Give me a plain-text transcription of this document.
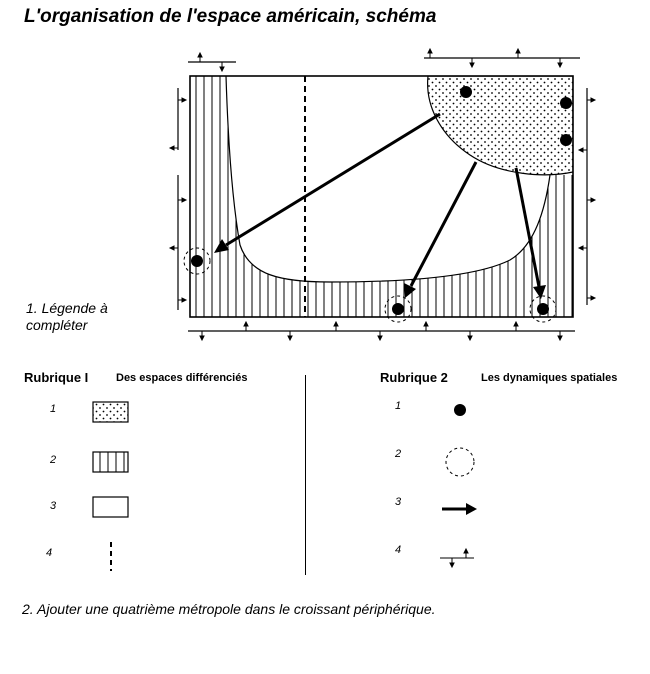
L'organisation de l'espace américain, schéma
1. Légende à compléter
Rubrique I	Des espaces différenciés
1
2
3
4
Rubrique 2	Les dynamiques spatiales
1
2
3
4
2. Ajouter une quatrième métropole dans le croissant périphérique.
